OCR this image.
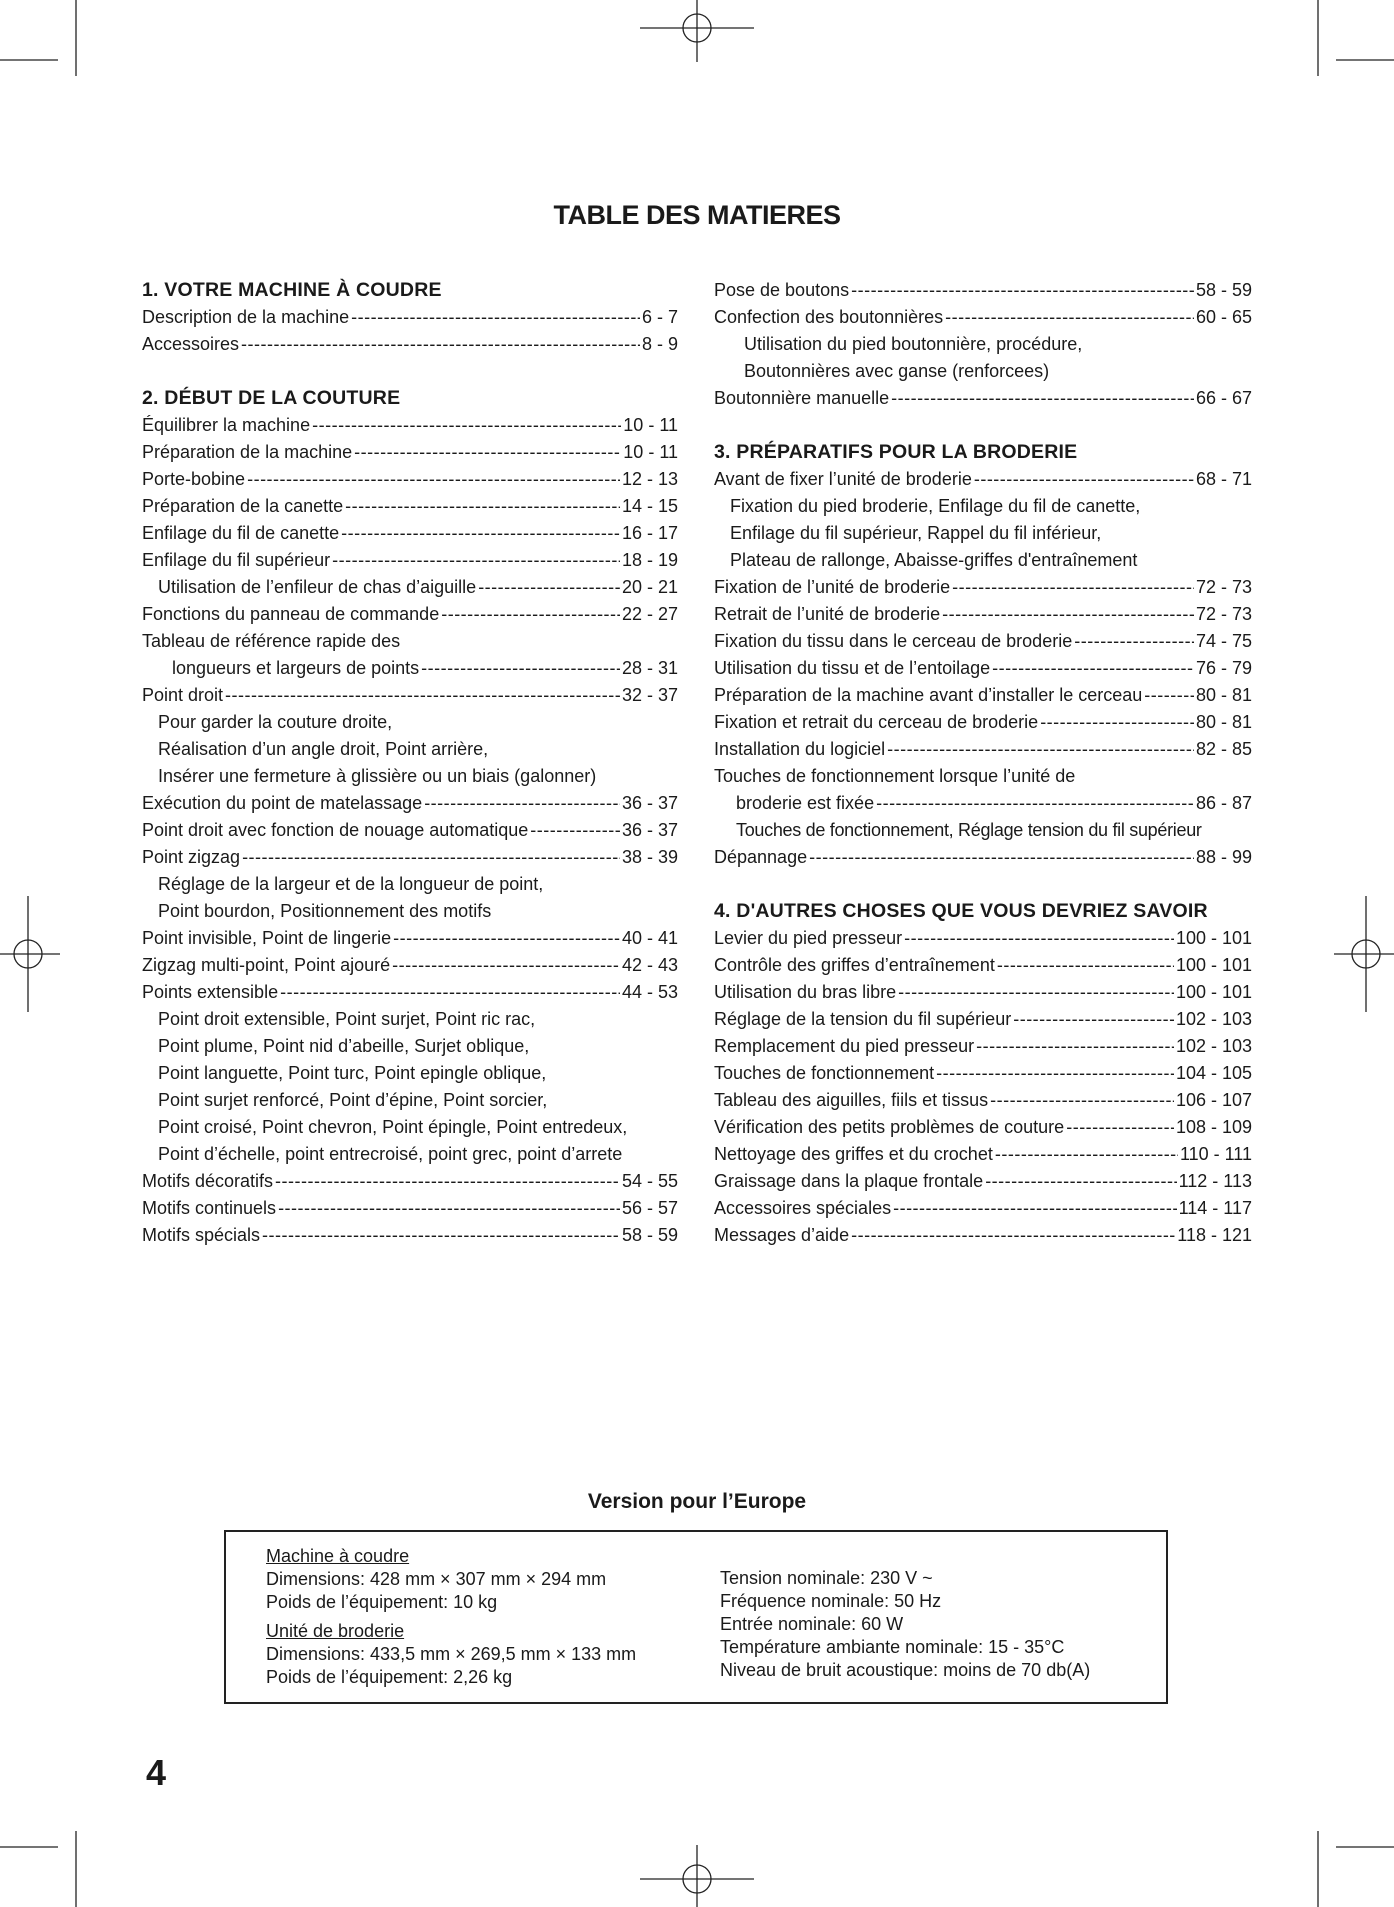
TABLE DES MATIERES
1. VOTRE MACHINE À COUDRE
Description de la machine -----	6 - 7
Accessoires -----	8 - 9
2. DÉBUT DE LA COUTURE
Équilibrer la machine -----	10 - 11
Préparation de la machine -----	10 - 11
Porte-bobine -----	12 - 13
Préparation de la canette -----	14 - 15
Enfilage du fil de canette -----	16 - 17
Enfilage du fil supérieur -----	18 - 19
Utilisation de l’enfileur de chas d’aiguille -----	20 - 21
Fonctions du panneau de commande -----	22 - 27
Tableau de référence rapide des
longueurs et largeurs de points -----	28 - 31
Point droit -----	32 - 37
Pour garder la couture droite,
Réalisation d’un angle droit, Point arrière,
Insérer une fermeture à glissière ou un biais (galonner)
Exécution du point de matelassage -----	36 - 37
Point droit avec fonction de nouage automatique -----	36 - 37
Point zigzag -----	38 - 39
Réglage de la largeur et de la longueur de point,
Point bourdon, Positionnement des motifs
Point invisible, Point de lingerie -----	40 - 41
Zigzag multi-point, Point ajouré -----	42 - 43
Points extensible -----	44 - 53
Point droit extensible, Point surjet, Point ric rac,
Point plume, Point nid d’abeille, Surjet oblique,
Point languette, Point turc, Point epingle oblique,
Point surjet renforcé, Point d’épine, Point sorcier,
Point croisé, Point chevron, Point épingle, Point entredeux,
Point d’échelle, point entrecroisé, point grec, point d’arrete
Motifs décoratifs -----	54 - 55
Motifs continuels -----	56 - 57
Motifs spécials -----	58 - 59
Pose de boutons -----	58 - 59
Confection des boutonnières -----	60 - 65
Utilisation du pied boutonnière, procédure,
Boutonnières avec ganse (renforcees)
Boutonnière manuelle -----	66 - 67
3. PRÉPARATIFS POUR LA BRODERIE
Avant de fixer l’unité de broderie -----	68 - 71
Fixation du pied broderie, Enfilage du fil de canette,
Enfilage du fil supérieur, Rappel du fil inférieur,
Plateau de rallonge, Abaisse-griffes d'entraînement
Fixation de l’unité de broderie -----	72 - 73
Retrait de l’unité de broderie -----	72 - 73
Fixation du tissu dans le cerceau de broderie -----	74 - 75
Utilisation du tissu et de l’entoilage -----	76 - 79
Préparation de la machine avant d’installer le cerceau -----	80 - 81
Fixation et retrait du cerceau de broderie -----	80 - 81
Installation du logiciel -----	82 - 85
Touches de fonctionnement lorsque l’unité de
broderie est fixée -----	86 - 87
Touches de fonctionnement, Réglage tension du fil supérieur
Dépannage -----	88 - 99
4. D'AUTRES CHOSES QUE VOUS DEVRIEZ SAVOIR
Levier du pied presseur -----	100 - 101
Contrôle des griffes d’entraînement -----	100 - 101
Utilisation du bras libre -----	100 - 101
Réglage de la tension du fil supérieur -----	102 - 103
Remplacement du pied presseur -----	102 - 103
Touches de fonctionnement -----	104 - 105
Tableau des aiguilles, fiils et tissus -----	106 - 107
Vérification des petits problèmes de couture -----	108 - 109
Nettoyage des griffes et du crochet -----	110 - 111
Graissage dans la plaque frontale -----	112 - 113
Accessoires spéciales -----	114 - 117
Messages d’aide -----	118 - 121
Version pour l’Europe
Machine à coudre
Dimensions: 428 mm × 307 mm × 294 mm
Poids de l’équipement: 10 kg
Unité de broderie
Dimensions: 433,5 mm × 269,5 mm × 133 mm
Poids de l’équipement: 2,26 kg
Tension nominale: 230 V ~
Fréquence nominale: 50 Hz
Entrée nominale: 60 W
Température ambiante nominale: 15 - 35°C
Niveau de bruit acoustique: moins de 70 db(A)
4
